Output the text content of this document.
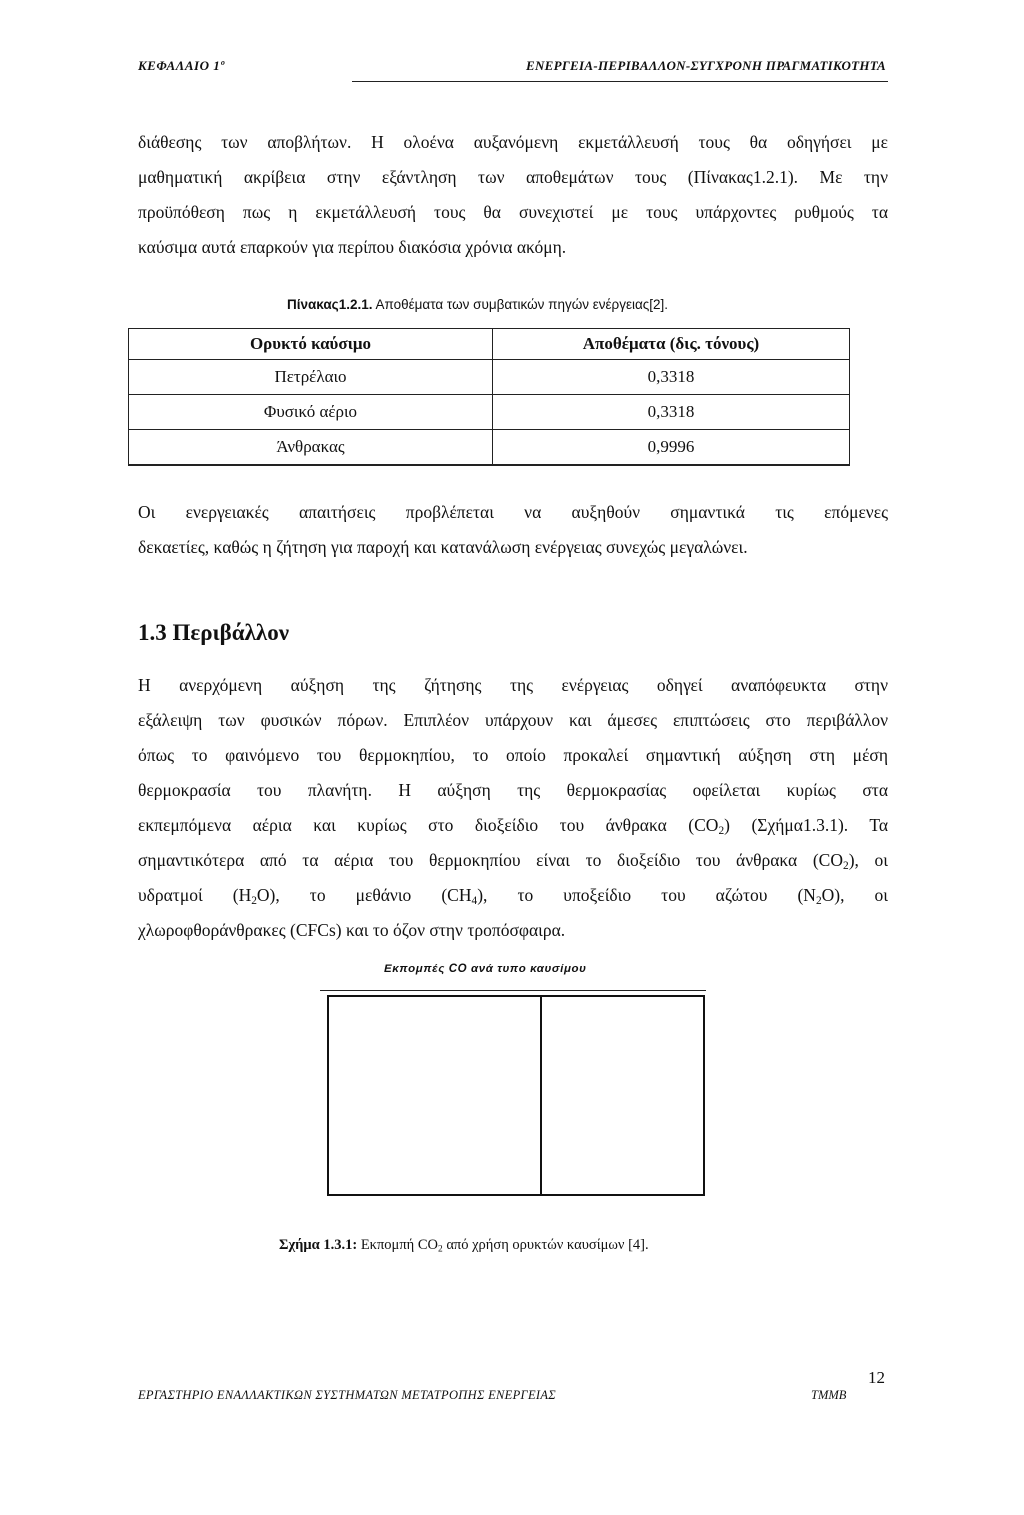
ΚΕΦΑΛΑΙΟ 1º	ΕΝΕΡΓΕΙΑ-ΠΕΡΙΒΑΛΛΟΝ-ΣΥΓΧΡΟΝΗ ΠΡΑΓΜΑΤΙΚΟΤΗΤΑ
διάθεσης των αποβλήτων. Η ολοένα αυξανόμενη εκμετάλλευσή τους θα οδηγήσει με
μαθηματική ακρίβεια στην εξάντληση των αποθεμάτων τους (Πίνακας1.2.1). Με την
προϋπόθεση πως η εκμετάλλευσή τους θα συνεχιστεί με τους υπάρχοντες ρυθμούς τα
καύσιμα αυτά επαρκούν για περίπου διακόσια χρόνια ακόμη.
Πίνακας1.2.1. Αποθέματα των συμβατικών πηγών ενέργειας[2].
Ορυκτό καύσιμο	Αποθέματα (δις. τόνους)
Πετρέλαιο	0,3318
Φυσικό αέριο	0,3318
Άνθρακας	0,9996
Οι ενεργειακές απαιτήσεις προβλέπεται να αυξηθούν σημαντικά τις επόμενες
δεκαετίες, καθώς η ζήτηση για παροχή και κατανάλωση ενέργειας συνεχώς μεγαλώνει.
1.3 Περιβάλλον
Η ανερχόμενη αύξηση της ζήτησης της ενέργειας οδηγεί αναπόφευκτα στην
εξάλειψη των φυσικών πόρων. Επιπλέον υπάρχουν και άμεσες επιπτώσεις στο περιβάλλον
όπως το φαινόμενο του θερμοκηπίου, το οποίο προκαλεί σημαντική αύξηση στη μέση
θερμοκρασία του πλανήτη. Η αύξηση της θερμοκρασίας οφείλεται κυρίως στα
εκπεμπόμενα αέρια και κυρίως στο διοξείδιο του άνθρακα $(CO_2)$ (Σχήμα1.3.1). Τα
σημαντικότερα από τα αέρια του θερμοκηπίου είναι το διοξείδιο του άνθρακα $(CO_2)$, οι
υδρατμοί $(H_2O)$, το μεθάνιο $(CH_4)$, το υποξείδιο του αζώτου $(N_2O)$, οι
χλωροφθοράνθρακες (CFCs) και το όζον στην τροπόσφαιρα.
Εκπομπές CO ανά τυπο καυσίμου
Σχήμα 1.3.1: Εκπομπή $CO_2$ από χρήση ορυκτών καυσίμων [4].
12
ΕΡΓΑΣΤΗΡΙΟ ΕΝΑΛΛΑΚΤΙΚΩΝ ΣΥΣΤΗΜΑΤΩΝ ΜΕΤΑΤΡΟΠΗΣ ΕΝΕΡΓΕΙΑΣ	ΤΜΜΒ
